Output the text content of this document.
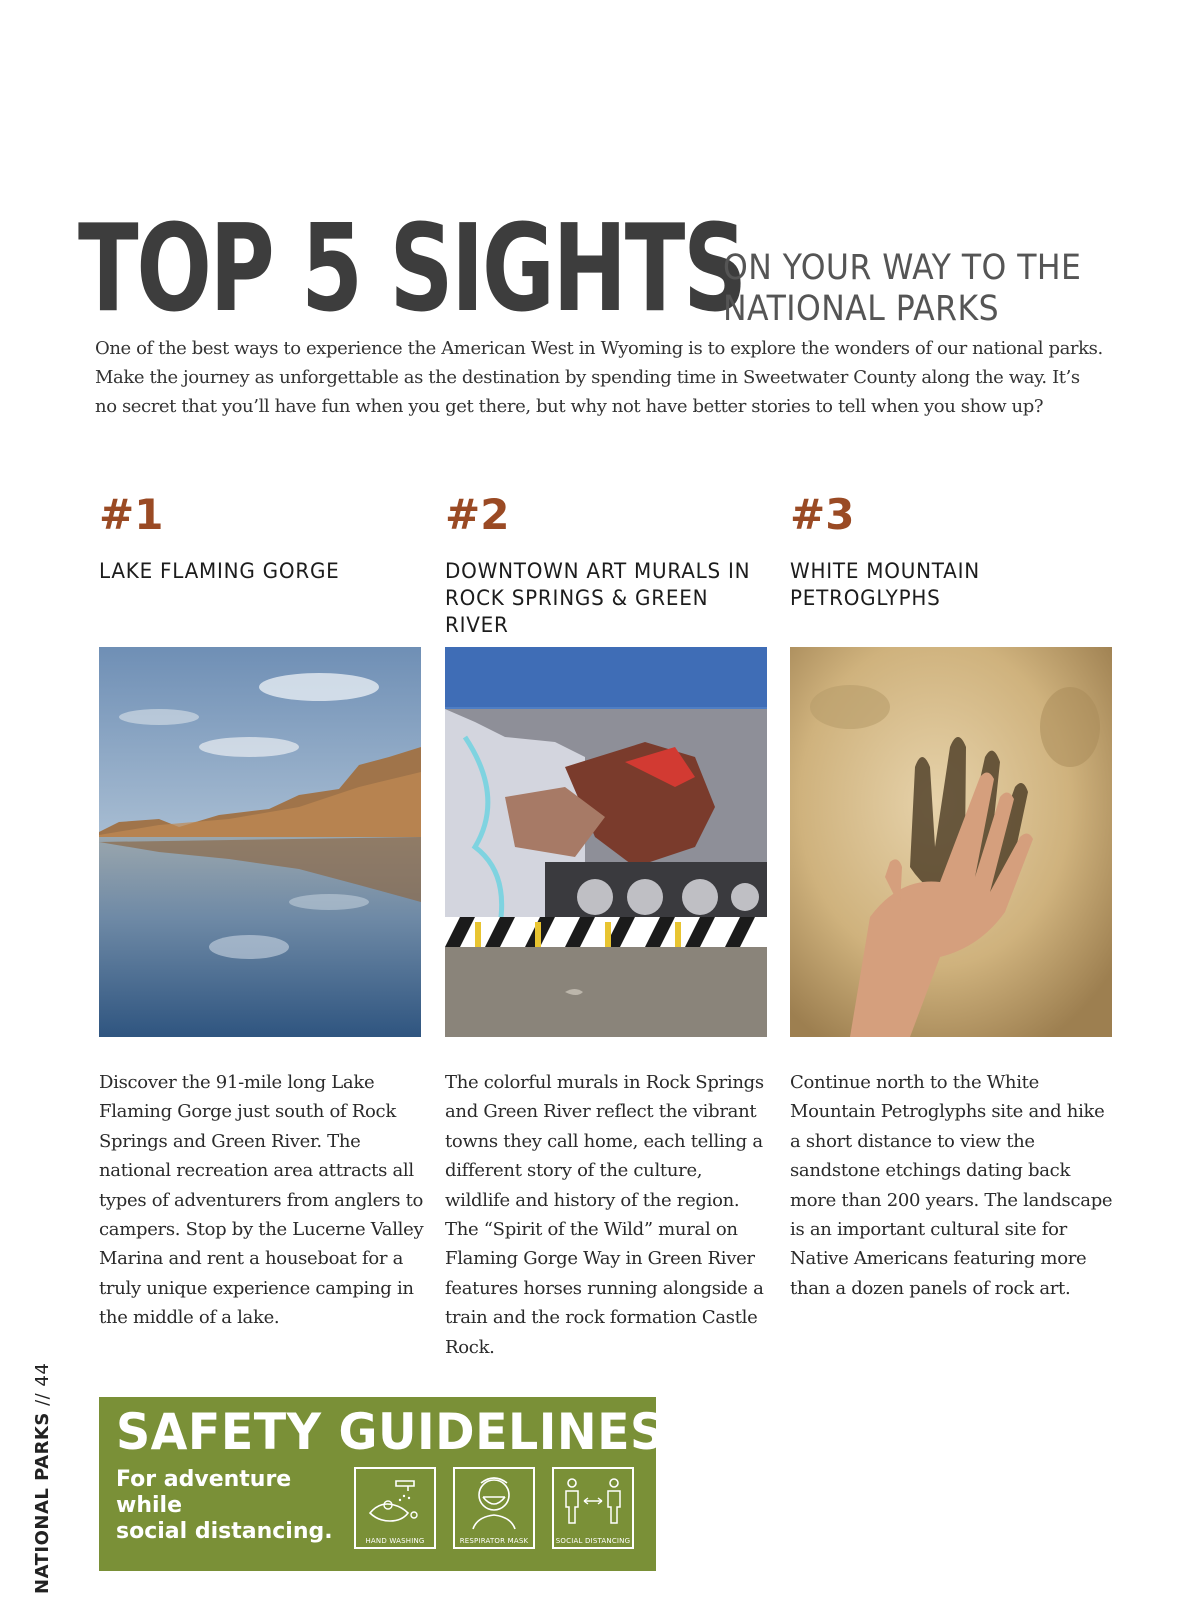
TOP 5 SIGHTS
ON YOUR WAY TO THE
NATIONAL PARKS

One of the best ways to experience the American West in Wyoming is to explore the wonders of our national parks. Make the journey as unforgettable as the destination by spending time in Sweetwater County along the way. It’s no secret that you’ll have fun when you get there, but why not have better stories to tell when you show up?

#1

LAKE FLAMING GORGE

Discover the 91-mile long Lake Flaming Gorge just south of Rock Springs and Green River. The national recreation area attracts all types of adventurers from anglers to campers. Stop by the Lucerne Valley Marina and rent a houseboat for a truly unique experience camping in the middle of a lake.

#2

DOWNTOWN ART MURALS IN
ROCK SPRINGS & GREEN RIVER

The colorful murals in Rock Springs and Green River reflect the vibrant towns they call home, each telling a different story of the culture, wildlife and history of the region. The “Spirit of the Wild” mural on Flaming Gorge Way in Green River features horses running alongside a train and the rock formation Castle Rock.

#3

WHITE MOUNTAIN
PETROGLYPHS

Continue north to the White Mountain Petroglyphs site and hike a short distance to view the sandstone etchings dating back more than 200 years. The landscape is an important cultural site for Native Americans featuring more than a dozen panels of rock art.

NATIONAL PARKS // 44
SAFETY GUIDELINES
For adventure while
social distancing.	HAND WASHING	RESPIRATOR MASK	SOCIAL DISTANCING
